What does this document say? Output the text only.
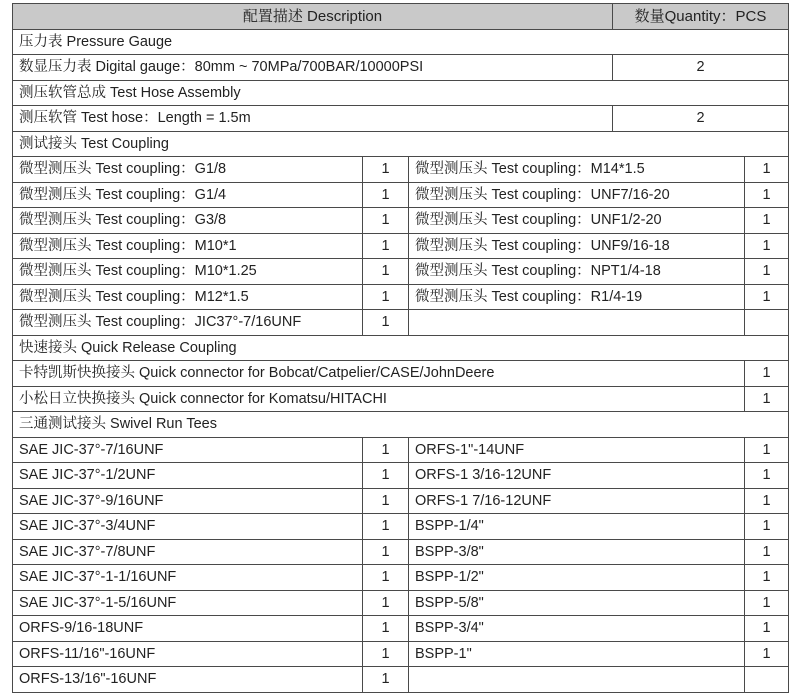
配置描述 Description			数量Quantity：PCS	
压力表 Pressure Gauge				
数显压力表 Digital gauge：80mm ~ 70MPa/700BAR/10000PSI			2	
测压软管总成 Test Hose Assembly				
测压软管 Test hose：Length = 1.5m			2	
测试接头 Test Coupling				
微型测压头 Test coupling：G1/8	1	微型测压头 Test coupling：M14*1.5		1
微型测压头 Test coupling：G1/4	1	微型测压头 Test coupling：UNF7/16-20		1
微型测压头 Test coupling：G3/8	1	微型测压头 Test coupling：UNF1/2-20		1
微型测压头 Test coupling：M10*1	1	微型测压头 Test coupling：UNF9/16-18		1
微型测压头 Test coupling：M10*1.25	1	微型测压头 Test coupling：NPT1/4-18		1
微型测压头 Test coupling：M12*1.5	1	微型测压头 Test coupling：R1/4-19		1
微型测压头 Test coupling：JIC37°-7/16UNF	1			
快速接头 Quick Release Coupling				
卡特凯斯快换接头 Quick connector for Bobcat/Catpelier/CASE/JohnDeere				1
小松日立快换接头 Quick connector for Komatsu/HITACHI				1
三通测试接头 Swivel Run Tees				
SAE JIC-37°-7/16UNF	1	ORFS-1"-14UNF		1
SAE JIC-37°-1/2UNF	1	ORFS-1 3/16-12UNF		1
SAE JIC-37°-9/16UNF	1	ORFS-1 7/16-12UNF		1
SAE JIC-37°-3/4UNF	1	BSPP-1/4"		1
SAE JIC-37°-7/8UNF	1	BSPP-3/8"		1
SAE JIC-37°-1-1/16UNF	1	BSPP-1/2"		1
SAE JIC-37°-1-5/16UNF	1	BSPP-5/8"		1
ORFS-9/16-18UNF	1	BSPP-3/4"		1
ORFS-11/16"-16UNF	1	BSPP-1"		1
ORFS-13/16"-16UNF	1			
